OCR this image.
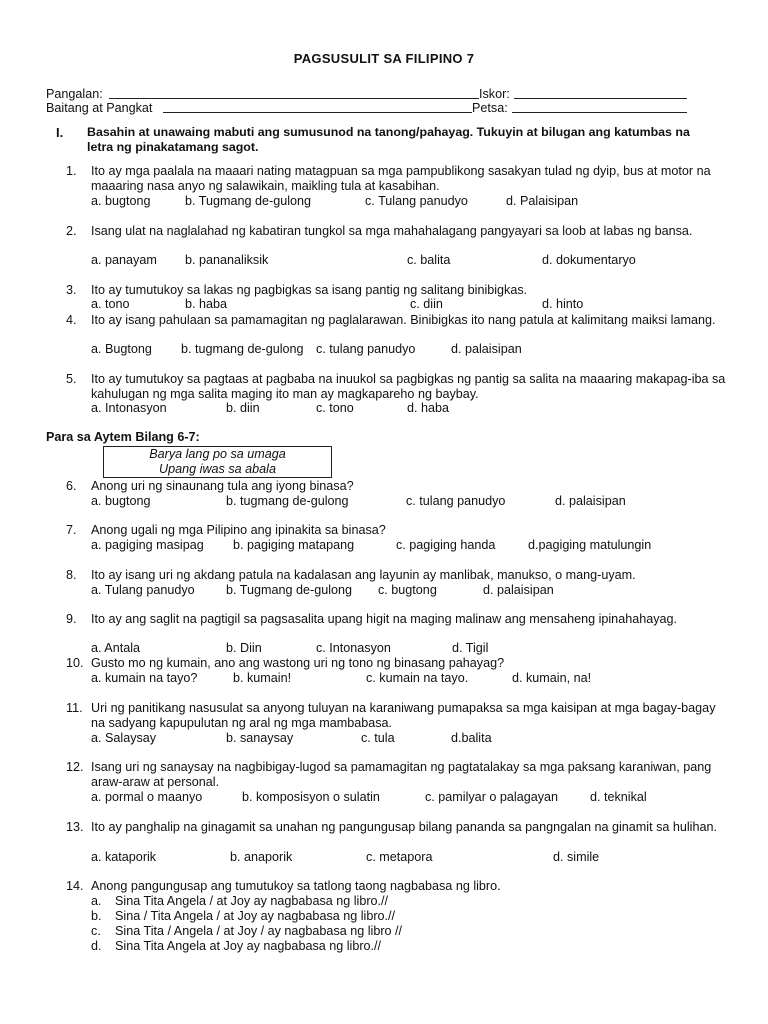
PAGSUSULIT SA FILIPINO 7
Pangalan:	Iskor:
Baitang at Pangkat	Petsa:
I. Basahin at unawaing mabuti ang sumusunod na tanong/pahayag. Tukuyin at bilugan ang katumbas na letra ng pinakatamang sagot.
1. Ito ay mga paalala na maaari nating matagpuan sa mga pampublikong sasakyan tulad ng dyip, bus at motor na maaaring nasa anyo ng salawikain, maikling tula at kasabihan.
a. bugtong	b. Tugmang de-gulong	c. Tulang panudyo	d. Palaisipan
2. Isang ulat na naglalahad ng kabatiran tungkol sa mga mahahalagang pangyayari sa loob at labas ng bansa.
a. panayam b. pananaliksik	c. balita	d. dokumentaryo
3. Ito ay tumutukoy sa lakas ng pagbigkas sa isang pantig ng salitang binibigkas.
a. tono	b. haba	c. diin	d. hinto
4. Ito ay isang pahulaan sa pamamagitan ng paglalarawan. Binibigkas ito nang patula at kalimitang maiksi lamang.
a. Bugtong b. tugmang de-gulong c. tulang panudyo	d. palaisipan
5. Ito ay tumutukoy sa pagtaas at pagbaba na inuukol sa pagbigkas ng pantig sa salita na maaaring makapag-iba sa kahulugan ng mga salita maging ito man ay magkapareho ng baybay.
a. Intonasyon	b. diin	c. tono	d. haba
Para sa Aytem Bilang 6-7:
Barya lang po sa umaga
Upang iwas sa abala
6. Anong uri ng sinaunang tula ang iyong binasa?
a. bugtong	b. tugmang de-gulong	c. tulang panudyo	d. palaisipan
7. Anong ugali ng mga Pilipino ang ipinakita sa binasa?
a. pagiging masipag b. pagiging matapang	c. pagiging handa	d.pagiging matulungin
8. Ito ay isang uri ng akdang patula na kadalasan ang layunin ay manlibak, manukso, o mang-uyam.
a. Tulang panudyo b. Tugmang de-gulong c. bugtong	d. palaisipan
9. Ito ay ang saglit na pagtigil sa pagsasalita upang higit na maging malinaw ang mensaheng ipinahahayag.
a. Antala	b. Diin	c. Intonasyon	d. Tigil
10. Gusto mo ng kumain, ano ang wastong uri ng tono ng binasang pahayag?
a. kumain na tayo?	b. kumain!	c. kumain na tayo.	d. kumain, na!
11. Uri ng panitikang nasusulat sa anyong tuluyan na karaniwang pumapaksa sa mga kaisipan at mga bagay-bagay na sadyang kapupulutan ng aral ng mga mambabasa.
a. Salaysay	b. sanaysay	c. tula	d.balita
12. Isang uri ng sanaysay na nagbibigay-lugod sa pamamagitan ng pagtatalakay sa mga paksang karaniwan, pang araw-araw at personal.
a. pormal o maanyo	b. komposisyon o sulatin	c. pamilyar o palagayan	d. teknikal
13. Ito ay panghalip na ginagamit sa unahan ng pangungusap bilang pananda sa pangngalan na ginamit sa hulihan.
a. kataporik	b. anaporik	c. metapora	d. simile
14. Anong pangungusap ang tumutukoy sa tatlong taong nagbabasa ng libro.
a. Sina Tita Angela / at Joy ay nagbabasa ng libro.//
b. Sina / Tita Angela / at Joy ay nagbabasa ng libro.//
c. Sina Tita / Angela / at Joy / ay nagbabasa ng libro //
d. Sina Tita Angela at Joy ay nagbabasa ng libro.//
